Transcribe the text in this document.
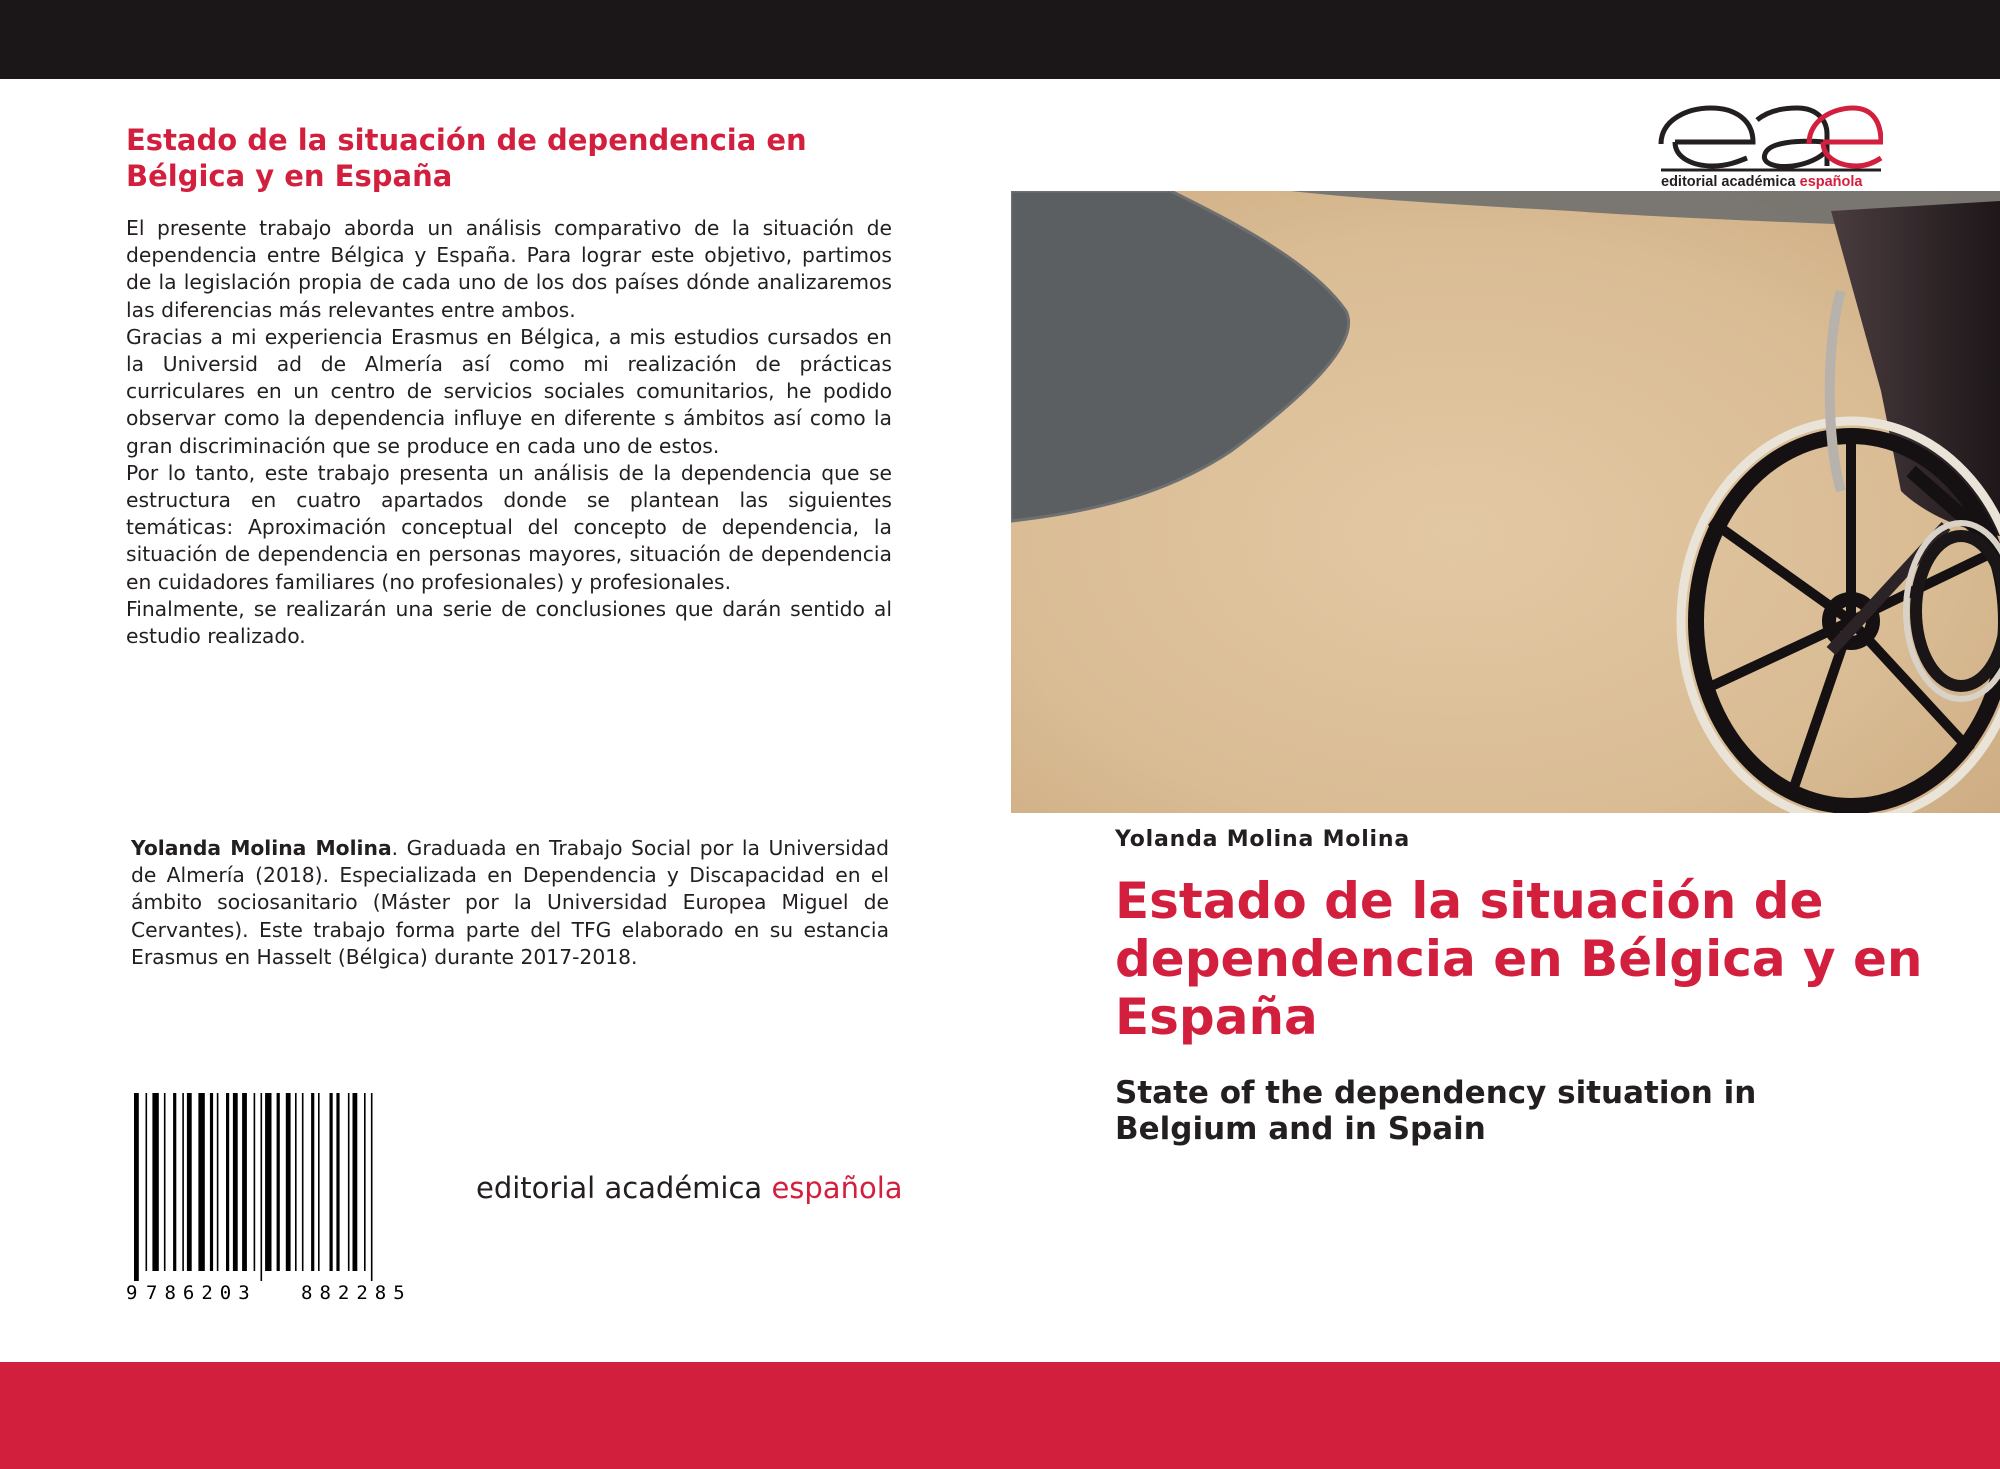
Estado de la situación de dependencia en Bélgica y en España

El presente trabajo aborda un análisis comparativo de la situación de dependencia entre Bélgica y España. Para lograr este objetivo, partimos de la legislación propia de cada uno de los dos países dónde analizaremos las diferencias más relevantes entre ambos.

Gracias a mi experiencia Erasmus en Bélgica, a mis estudios cursados en la Universid ad de Almería así como mi realización de prácticas curriculares en un centro de servicios sociales comunitarios, he podido observar como la dependencia influye en diferente s ámbitos así como la gran discriminación que se produce en cada uno de estos.

Por lo tanto, este trabajo presenta un análisis de la dependencia que se estructura en cuatro apartados donde se plantean las siguientes temáticas: Aproximación conceptual del concepto de dependencia, la situación de dependencia en personas mayores, situación de dependencia en cuidadores familiares (no profesionales) y profesionales.

Finalmente, se realizarán una serie de conclusiones que darán sentido al estudio realizado.

Yolanda Molina Molina. Graduada en Trabajo Social por la Universidad de Almería (2018). Especializada en Dependencia y Discapacidad en el ámbito sociosanitario (Máster por la Universidad Europea Miguel de Cervantes). Este trabajo forma parte del TFG elaborado en su estancia Erasmus en Hasselt (Bélgica) durante 2017-2018.

9 786203 882285
editorial académica española
editorial académica española

Yolanda Molina Molina

Estado de la situación de dependencia en Bélgica y en España
State of the dependency situation in Belgium and in Spain
